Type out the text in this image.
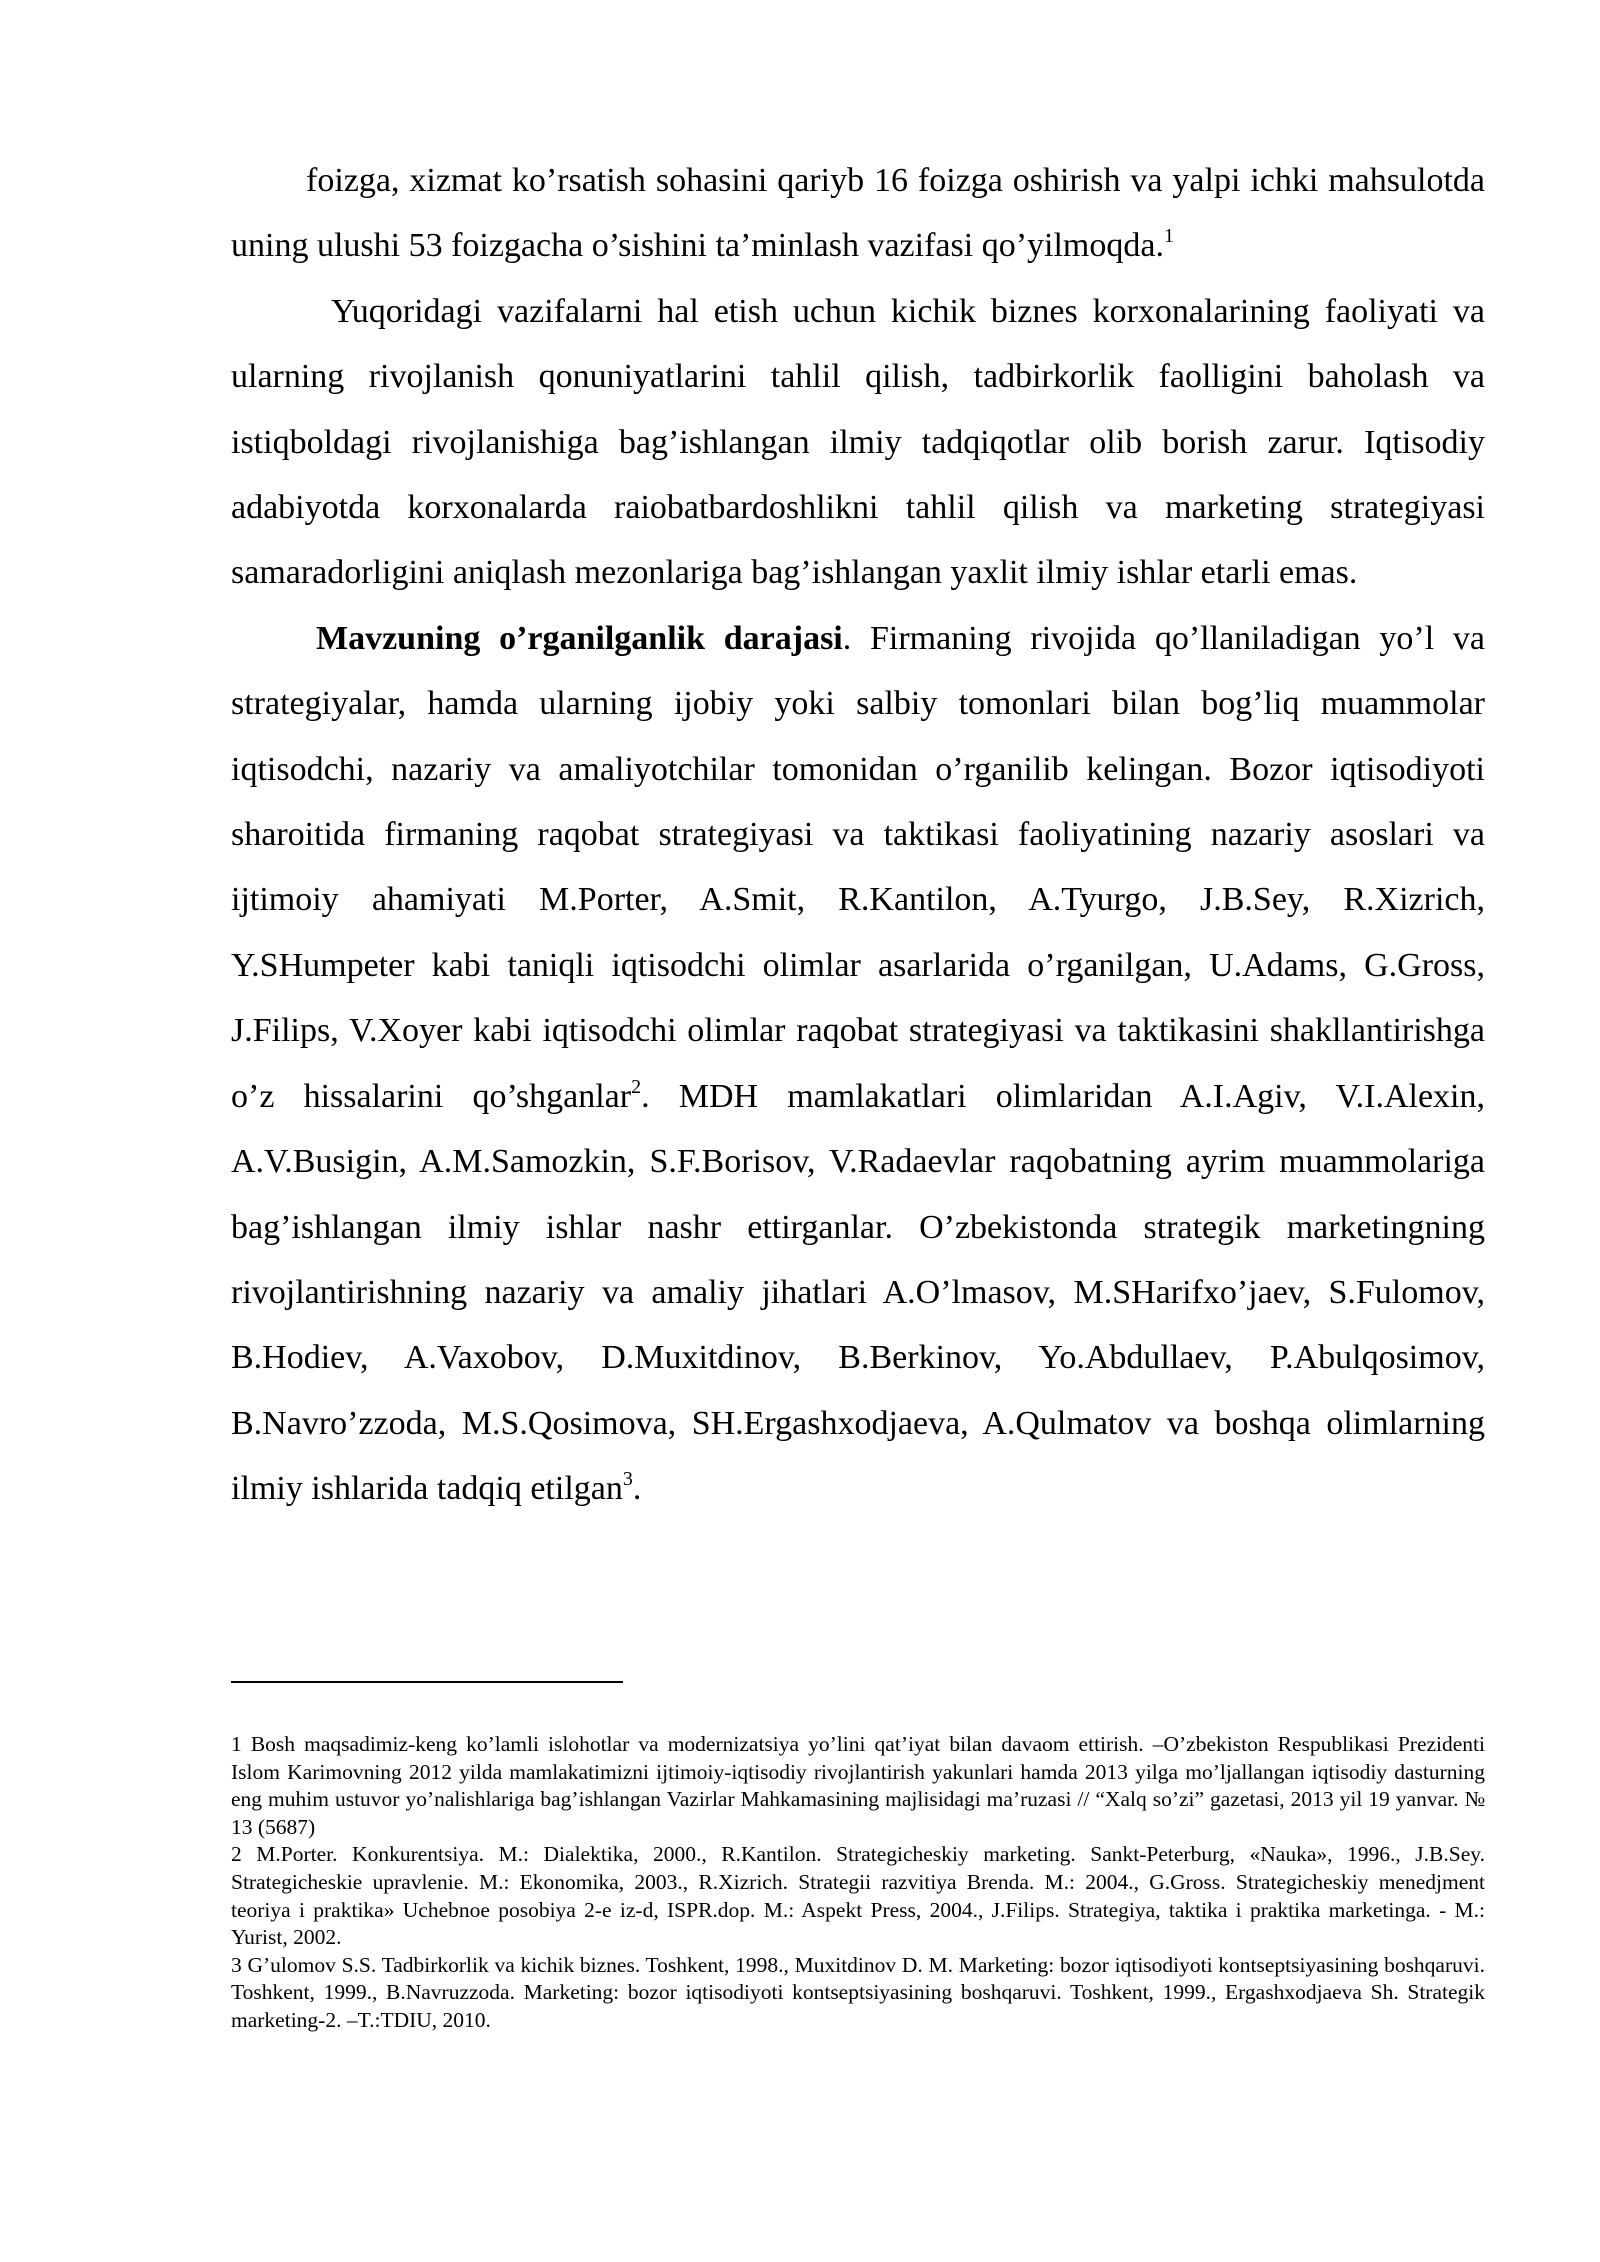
foizga, xizmat ko’rsatish sohasini qariyb 16 foizga oshirish va yalpi ichki mahsulotda uning ulushi 53 foizgacha o’sishini ta’minlash vazifasi qo’yilmoqda.$^1$

Yuqoridagi vazifalarni hal etish uchun kichik biznes korxonalarining faoliyati va ularning rivojlanish qonuniyatlarini tahlil qilish, tadbirkorlik faolligini baholash va istiqboldagi rivojlanishiga bag’ishlangan ilmiy tadqiqotlar olib borish zarur. Iqtisodiy adabiyotda korxonalarda raiobatbardoshlikni tahlil qilish va marketing strategiyasi samaradorligini aniqlash mezonlariga bag’ishlangan yaxlit ilmiy ishlar etarli emas.

Mavzuning o’rganilganlik darajasi. Firmaning rivojida qo’llaniladigan yo’l va strategiyalar, hamda ularning ijobiy yoki salbiy tomonlari bilan bog’liq muammolar iqtisodchi, nazariy va amaliyotchilar tomonidan o’rganilib kelingan. Bozor iqtisodiyoti sharoitida firmaning raqobat strategiyasi va taktikasi faoliyatining nazariy asoslari va ijtimoiy ahamiyati M.Porter, A.Smit, R.Kantilon, A.Tyurgo, J.B.Sey, R.Xizrich, Y.SHumpeter kabi taniqli iqtisodchi olimlar asarlarida o’rganilgan, U.Adams, G.Gross, J.Filips, V.Xoyer kabi iqtisodchi olimlar raqobat strategiyasi va taktikasini shakllantirishga o’z hissalarini qo’shganlar$^2$. MDH mamlakatlari olimlaridan A.I.Agiv, V.I.Alexin, A.V.Busigin, A.M.Samozkin, S.F.Borisov, V.Radaevlar raqobatning ayrim muammolariga bag’ishlangan ilmiy ishlar nashr ettirganlar. O’zbekistonda strategik marketingning rivojlantirishning nazariy va amaliy jihatlari A.O’lmasov, M.SHarifxo’jaev, S.Fulomov, B.Hodiev, A.Vaxobov, D.Muxitdinov, B.Berkinov, Yo.Abdullaev, P.Abulqosimov, B.Navro’zzoda, M.S.Qosimova, SH.Ergashxodjaeva, A.Qulmatov va boshqa olimlarning ilmiy ishlarida tadqiq etilgan$^3$.

1 Bosh maqsadimiz-keng ko’lamli islohotlar va modernizatsiya yo’lini qat’iyat bilan davaom ettirish. –O’zbekiston Respublikasi Prezidenti Islom Karimovning 2012 yilda mamlakatimizni ijtimoiy-iqtisodiy rivojlantirish yakunlari hamda 2013 yilga mo’ljallangan iqtisodiy dasturning eng muhim ustuvor yo’nalishlariga bag’ishlangan Vazirlar Mahkamasining majlisidagi ma’ruzasi // “Xalq so’zi” gazetasi, 2013 yil 19 yanvar. № 13 (5687)

2 M.Porter. Konkurentsiya. M.: Dialektika, 2000., R.Kantilon. Strategicheskiy marketing. Sankt-Peterburg, «Nauka», 1996., J.B.Sey. Strategicheskie upravlenie. M.: Ekonomika, 2003., R.Xizrich. Strategii razvitiya Brenda. M.: 2004., G.Gross. Strategicheskiy menedjment teoriya i praktika» Uchebnoe posobiya 2-e iz-d, ISPR.dop. M.: Aspekt Press, 2004., J.Filips. Strategiya, taktika i praktika marketinga. - M.: Yurist, 2002.

3 G’ulomov S.S. Tadbirkorlik va kichik biznes. Toshkent, 1998., Muxitdinov D. M. Marketing: bozor iqtisodiyoti kontseptsiyasining boshqaruvi. Toshkent, 1999., B.Navruzzoda. Marketing: bozor iqtisodiyoti kontseptsiyasining boshqaruvi. Toshkent, 1999., Ergashxodjaeva Sh. Strategik marketing-2. –T.:TDIU, 2010.
